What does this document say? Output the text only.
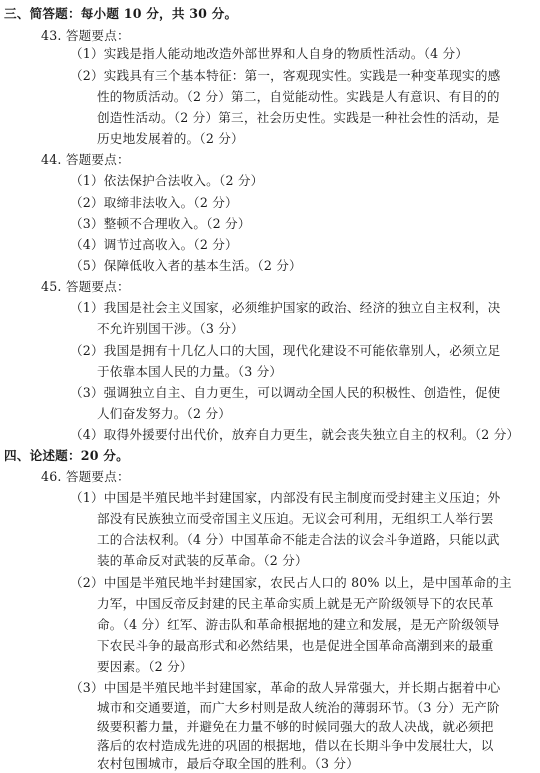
三、简答题：每小题 10 分，共 30 分。
43. 答题要点：
（1）实践是指人能动地改造外部世界和人自身的物质性活动。（4 分）
（2）实践具有三个基本特征：第一，客观现实性。实践是一种变革现实的感
性的物质活动。（2 分）第二，自觉能动性。实践是人有意识、有目的的
创造性活动。（2 分）第三，社会历史性。实践是一种社会性的活动，是
历史地发展着的。（2 分）
44. 答题要点：
（1）依法保护合法收入。（2 分）
（2）取缔非法收入。（2 分）
（3）整顿不合理收入。（2 分）
（4）调节过高收入。（2 分）
（5）保障低收入者的基本生活。（2 分）
45. 答题要点：
（1）我国是社会主义国家，必须维护国家的政治、经济的独立自主权利，决
不允许别国干涉。（3 分）
（2）我国是拥有十几亿人口的大国，现代化建设不可能依靠别人，必须立足
于依靠本国人民的力量。（3 分）
（3）强调独立自主、自力更生，可以调动全国人民的积极性、创造性，促使
人们奋发努力。（2 分）
（4）取得外援要付出代价，放弃自力更生，就会丧失独立自主的权利。（2 分）
四、论述题：20 分。
46. 答题要点：
（1）中国是半殖民地半封建国家，内部没有民主制度而受封建主义压迫；外
部没有民族独立而受帝国主义压迫。无议会可利用，无组织工人举行罢
工的合法权利。（4 分）中国革命不能走合法的议会斗争道路，只能以武
装的革命反对武装的反革命。（2 分）
（2）中国是半殖民地半封建国家，农民占人口的 80% 以上，是中国革命的主
力军，中国反帝反封建的民主革命实质上就是无产阶级领导下的农民革
命。（4 分）红军、游击队和革命根据地的建立和发展，是无产阶级领导
下农民斗争的最高形式和必然结果，也是促进全国革命高潮到来的最重
要因素。（2 分）
（3）中国是半殖民地半封建国家，革命的敌人异常强大，并长期占据着中心
城市和交通要道，而广大乡村则是敌人统治的薄弱环节。（3 分）无产阶
级要积蓄力量，并避免在力量不够的时候同强大的敌人决战，就必须把
落后的农村造成先进的巩固的根据地，借以在长期斗争中发展壮大，以
农村包围城市，最后夺取全国的胜利。（3 分）
